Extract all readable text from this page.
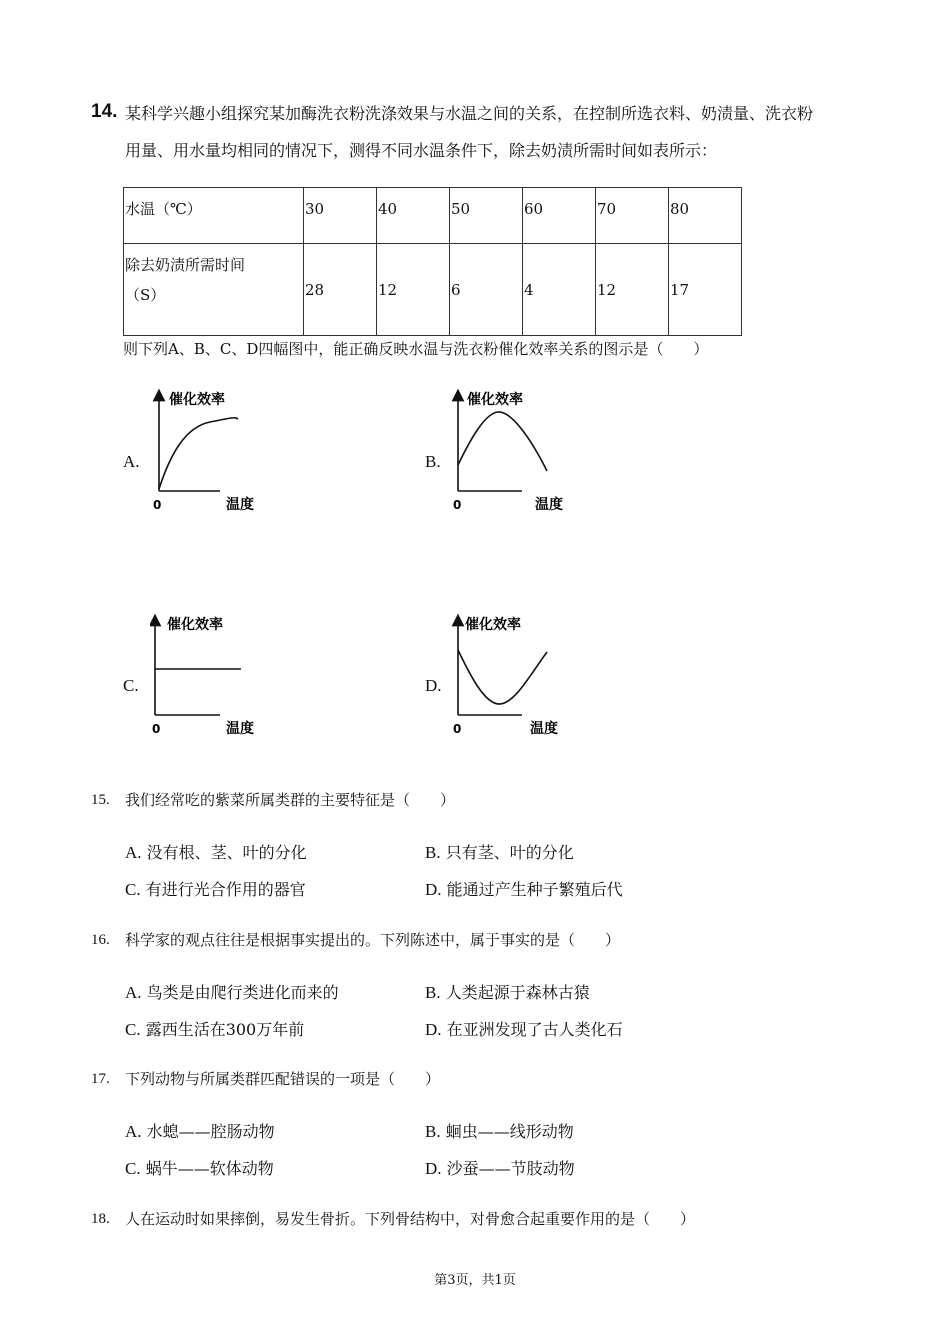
14. 某科学兴趣小组探究某加酶洗衣粉洗涤效果与水温之间的关系，在控制所选衣料、奶渍量、洗衣粉
用量、用水量均相同的情况下，测得不同水温条件下，除去奶渍所需时间如表所示：
水温（℃）	30	40	50	60	70	80

除去奶渍所需时间
（S）	28	12	6	4	12	17
则下列A、B、C、D四幅图中，能正确反映水温与洗衣粉催化效率关系的图示是（　　）
A.	B.
C.	D.
催化效率
温度
0
催化效率
温度
0
催化效率
温度
0
催化效率
温度
0
15. 我们经常吃的紫菜所属类群的主要特征是（　　）
A. 没有根、茎、叶的分化	B. 只有茎、叶的分化
C. 有进行光合作用的器官	D. 能通过产生种子繁殖后代
16. 科学家的观点往往是根据事实提出的。下列陈述中，属于事实的是（　　）
A. 鸟类是由爬行类进化而来的	B. 人类起源于森林古猿
C. 露西生活在300万年前	D. 在亚洲发现了古人类化石
17. 下列动物与所属类群匹配错误的一项是（　　）
A. 水螅——腔肠动物	B. 蛔虫——线形动物
C. 蜗牛——软体动物	D. 沙蚕——节肢动物
18. 人在运动时如果摔倒，易发生骨折。下列骨结构中，对骨愈合起重要作用的是（　　）
第3页，共1页
